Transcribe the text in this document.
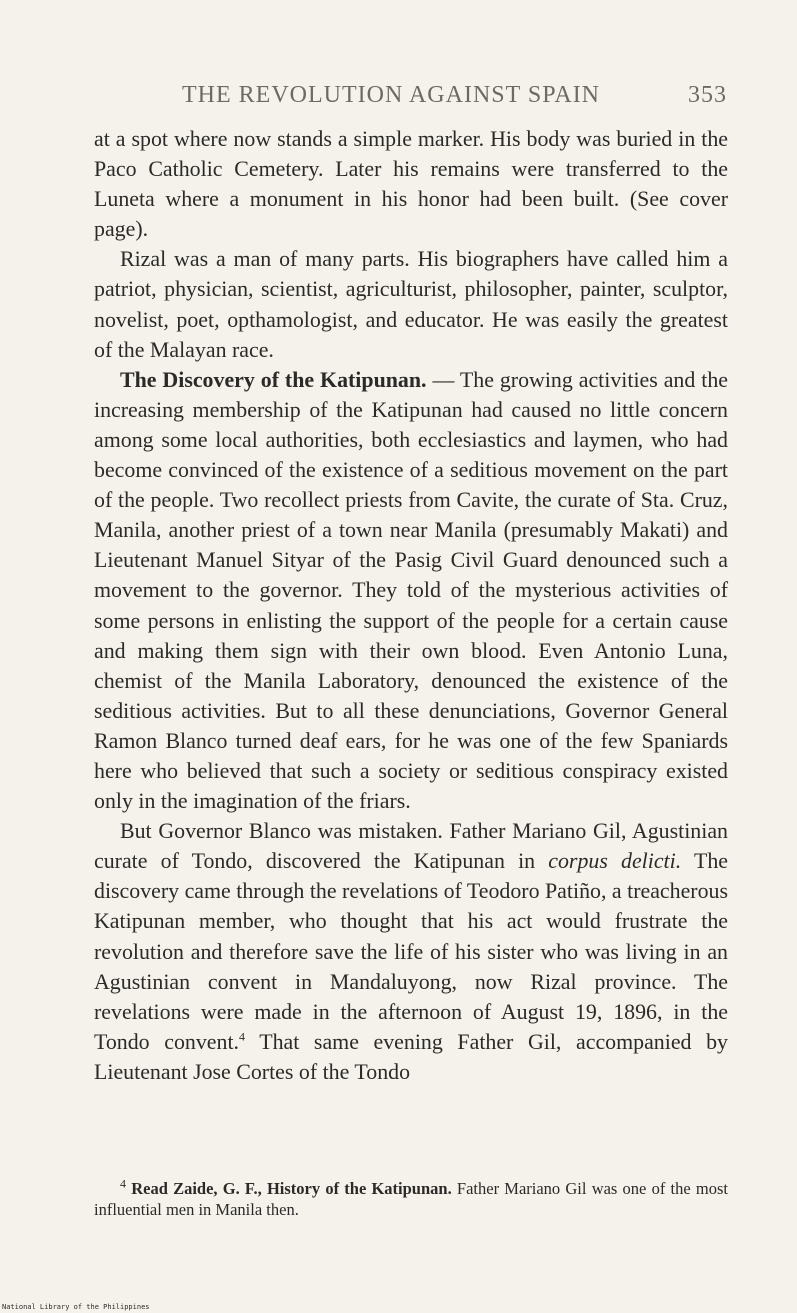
THE REVOLUTION AGAINST SPAIN	353

at a spot where now stands a simple marker. His body was buried in the Paco Catholic Cemetery. Later his remains were transferred to the Luneta where a monument in his honor had been built. (See cover page).

Rizal was a man of many parts. His biographers have called him a patriot, physician, scientist, agriculturist, philosopher, painter, sculptor, novelist, poet, opthamologist, and educator. He was easily the greatest of the Malayan race.

The Discovery of the Katipunan. — The growing activities and the increasing membership of the Katipunan had caused no little concern among some local authorities, both ecclesiastics and laymen, who had become convinced of the existence of a seditious movement on the part of the people. Two recollect priests from Cavite, the curate of Sta. Cruz, Manila, another priest of a town near Manila (presumably Makati) and Lieutenant Manuel Sityar of the Pasig Civil Guard denounced such a movement to the governor. They told of the mysterious activities of some persons in enlisting the support of the people for a certain cause and making them sign with their own blood. Even Antonio Luna, chemist of the Manila Laboratory, denounced the existence of the seditious activities. But to all these denunciations, Governor General Ramon Blanco turned deaf ears, for he was one of the few Spaniards here who believed that such a society or seditious conspiracy existed only in the imagination of the friars.

But Governor Blanco was mistaken. Father Mariano Gil, Agustinian curate of Tondo, discovered the Katipunan in corpus delicti. The discovery came through the revelations of Teodoro Patiño, a treacherous Katipunan member, who thought that his act would frustrate the revolution and therefore save the life of his sister who was living in an Agustinian convent in Mandaluyong, now Rizal province. The revelations were made in the afternoon of August 19, 1896, in the Tondo convent.$^4$ That same evening Father Gil, accompanied by Lieutenant Jose Cortes of the Tondo

$^4$ Read Zaide, G. F., History of the Katipunan. Father Mariano Gil was one of the most influential men in Manila then.

National Library of the Philippines
